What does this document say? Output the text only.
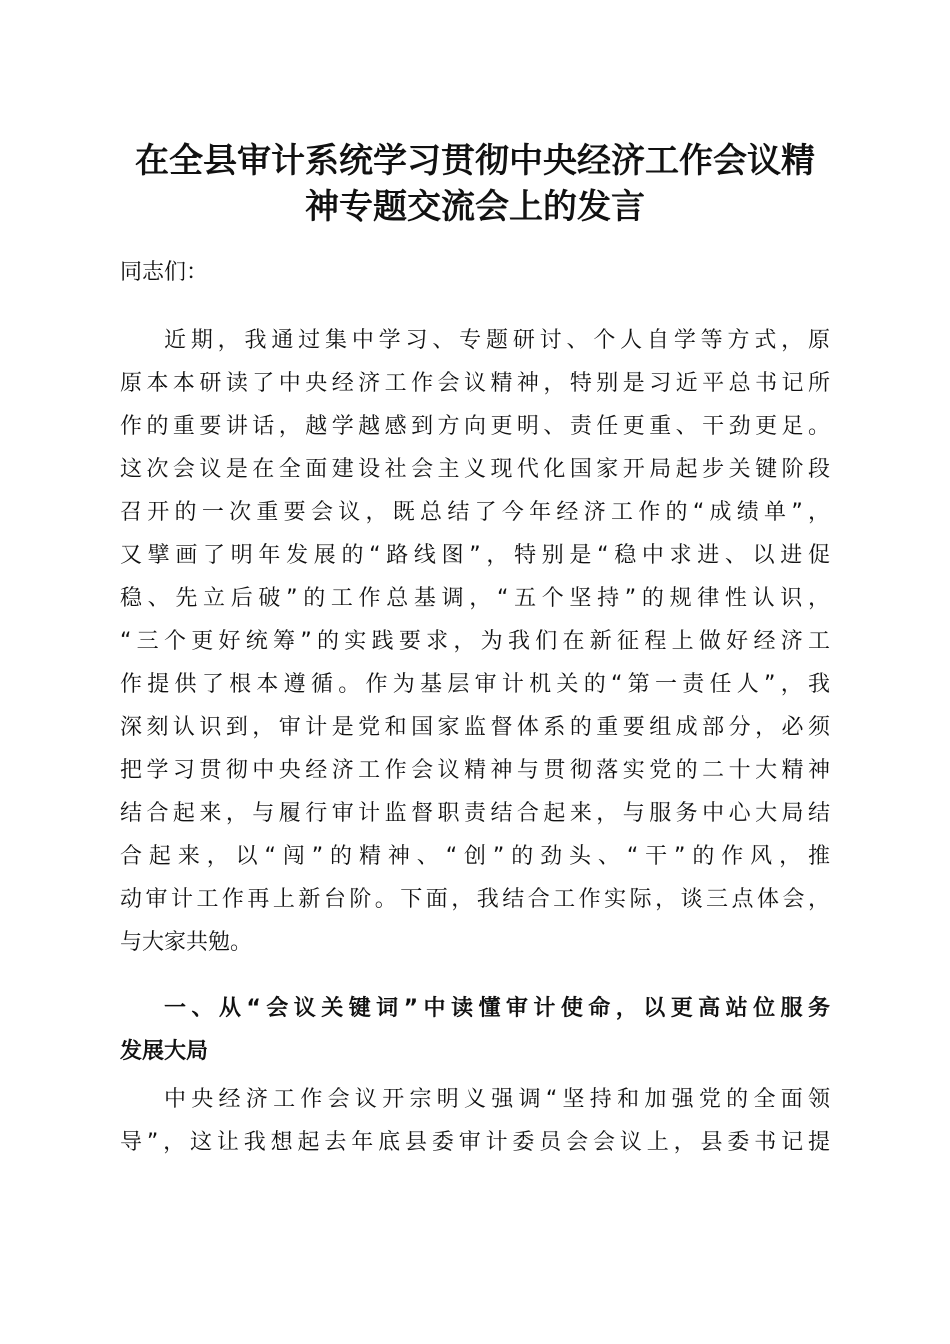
在全县审计系统学习贯彻中央经济工作会议精
神专题交流会上的发言

同志们：

近期，我通过集中学习、专题研讨、个人自学等方式，原

原本本研读了中央经济工作会议精神，特别是习近平总书记所

作的重要讲话，越学越感到方向更明、责任更重、干劲更足。

这次会议是在全面建设社会主义现代化国家开局起步关键阶段

召开的一次重要会议，既总结了今年经济工作的“成绩单”，

又擘画了明年发展的“路线图”，特别是“稳中求进、以进促

稳、先立后破”的工作总基调，“五个坚持”的规律性认识，

“三个更好统筹”的实践要求，为我们在新征程上做好经济工

作提供了根本遵循。作为基层审计机关的“第一责任人”，我

深刻认识到，审计是党和国家监督体系的重要组成部分，必须

把学习贯彻中央经济工作会议精神与贯彻落实党的二十大精神

结合起来，与履行审计监督职责结合起来，与服务中心大局结

合起来，以“闯”的精神、“创”的劲头、“干”的作风，推

动审计工作再上新台阶。下面，我结合工作实际，谈三点体会，

与大家共勉。

一、从“会议关键词”中读懂审计使命，以更高站位服务

发展大局

中央经济工作会议开宗明义强调“坚持和加强党的全面领

导”，这让我想起去年底县委审计委员会会议上，县委书记提
